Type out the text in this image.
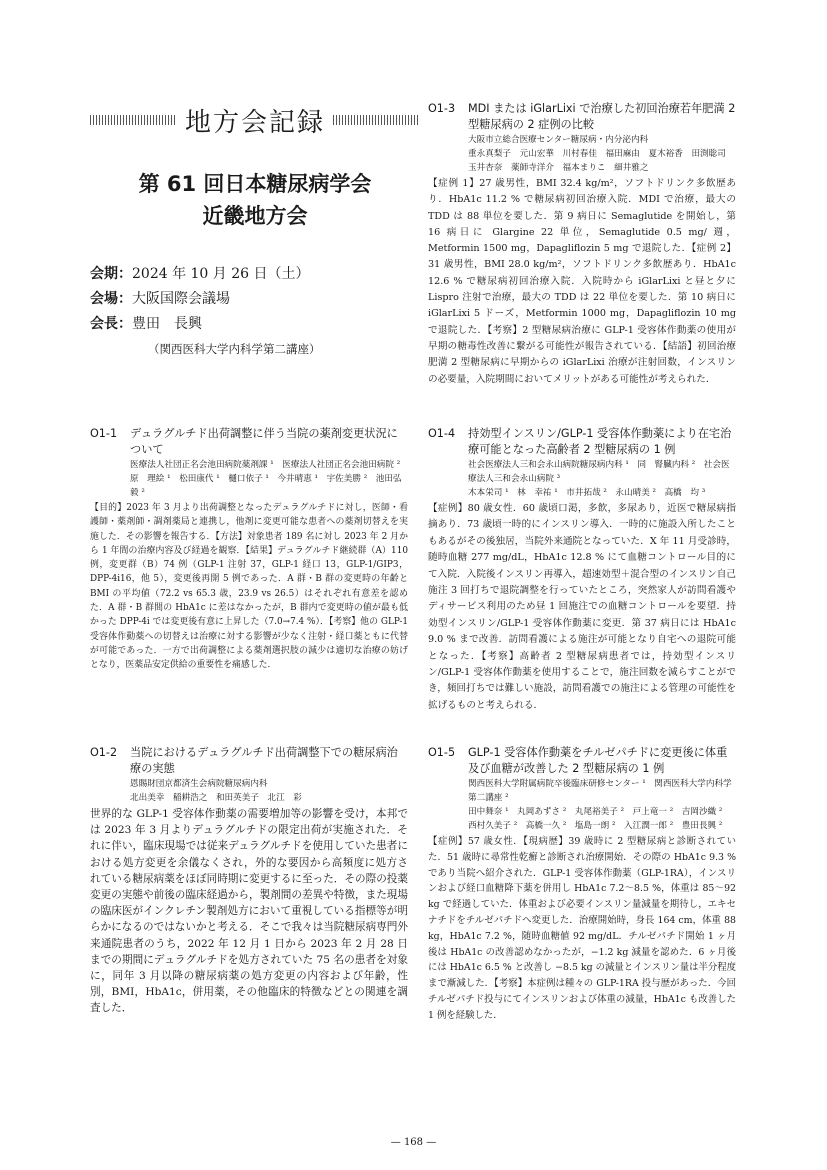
地方会記録
第 61 回日本糖尿病学会
近畿地方会
会期：2024 年 10 月 26 日（土）
会場：大阪国際会議場
会長：豊田　長興
（関西医科大学内科学第二講座）
O1-3	MDI または iGlarLixi で治療した初回治療若年肥満 2 型糖尿病の 2 症例の比較
大阪市立総合医療センター糖尿病・内分泌内科
重永真梨子　元山宏華　川村春佳　福田麻由　夏木裕香　田渕聡司　玉井杏奈　薬師寺洋介　福本まりこ　細井雅之
【症例 1】27 歳男性，BMI 32.4 kg/m²，ソフトドリンク多飲歴あり．HbA1c 11.2 % で糖尿病初回治療入院．MDI で治療，最大の TDD は 88 単位を要した．第 9 病日に Semaglutide を開始し，第 16 病日に Glargine 22 単位，Semaglutide 0.5 mg/ 週，Metformin 1500 mg，Dapagliflozin 5 mg で退院した．【症例 2】31 歳男性，BMI 28.0 kg/m²，ソフトドリンク多飲歴あり．HbA1c 12.6 % で糖尿病初回治療入院．入院時から iGlarLixi と昼と夕に Lispro 注射で治療，最大の TDD は 22 単位を要した．第 10 病日に iGlarLixi 5 ドーズ，Metformin 1000 mg，Dapagliflozin 10 mg で退院した．【考察】2 型糖尿病治療に GLP-1 受容体作動薬の使用が早期の糖毒性改善に繋がる可能性が報告されている．【結語】初回治療肥満 2 型糖尿病に早期からの iGlarLixi 治療が注射回数，インスリンの必要量，入院期間においてメリットがある可能性が考えられた．
O1-1	デュラグルチド出荷調整に伴う当院の薬剤変更状況について
医療法人社団正名会池田病院薬剤課 ¹　医療法人社団正名会池田病院 ²
原　理絵 ¹　松田康代 ¹　樋口依子 ¹　今井晴恵 ¹　宇佐美勝 ²　池田弘毅 ²
【目的】2023 年 3 月より出荷調整となったデュラグルチドに対し，医師・看護師・薬剤師・調剤薬局と連携し，他剤に変更可能な患者への薬剤切替えを実施した．その影響を報告する．【方法】対象患者 189 名に対し 2023 年 2 月から 1 年間の治療内容及び経過を観察．【結果】デュラグルチド継続群（A）110 例，変更群（B）74 例（GLP-1 注射 37，GLP-1 経口 13，GLP-1/GIP3，DPP-4i16，他 5），変更後再開 5 例であった．A 群・B 群の変更時の年齢と BMI の平均値（72.2 vs 65.3 歳，23.9 vs 26.5）はそれぞれ有意差を認めた．A 群・B 群間の HbA1c に差はなかったが，B 群内で変更時の値が最も低かった DPP-4i では変更後有意に上昇した（7.0→7.4 %）．【考察】他の GLP-1 受容体作動薬への切替えは治療に対する影響が少なく注射・経口薬ともに代替が可能であった．一方で出荷調整による薬剤選択肢の減少は適切な治療の妨げとなり，医薬品安定供給の重要性を痛感した．
O1-4	持効型インスリン/GLP-1 受容体作動薬により在宅治療可能となった高齢者 2 型糖尿病の 1 例
社会医療法人三和会永山病院糖尿病内科 ¹　同　腎臓内科 ²　社会医療法人三和会永山病院 ³
木本栄司 ¹　林　幸祐 ¹　市井拓哉 ²　永山晴美 ²　高橋　均 ³
【症例】80 歳女性．60 歳頃口渇，多飲，多尿あり，近医で糖尿病指摘あり．73 歳頃一時的にインスリン導入．一時的に施設入所したこともあるがその後独居，当院外来通院となっていた．X 年 11 月受診時，随時血糖 277 mg/dL，HbA1c 12.8 % にて血糖コントロール目的にて入院．入院後インスリン再導入，超速効型＋混合型のインスリン自己施注 3 回打ちで退院調整を行っていたところ，突然家人が訪問看護やディサービス利用のため昼 1 回施注での血糖コントロールを要望．持効型インスリン/GLP-1 受容体作動薬に変更．第 37 病日には HbA1c 9.0 % まで改善．訪問看護による施注が可能となり自宅への退院可能となった．【考察】高齢者 2 型糖尿病患者では，持効型インスリン/GLP-1 受容体作動薬を使用することで，施注回数を減らすことができ，頻回打ちでは難しい施設，訪問看護での施注による管理の可能性を拡げるものと考えられる．
O1-2	当院におけるデュラグルチド出荷調整下での糖尿病治療の実態
恩賜財団京都済生会病院糖尿病内科
北出美幸　稲耕浩之　和田英美子　北江　彩
世界的な GLP-1 受容体作動薬の需要増加等の影響を受け，本邦では 2023 年 3 月よりデュラグルチドの限定出荷が実施された．それに伴い，臨床現場では従来デュラグルチドを使用していた患者における処方変更を余儀なくされ，外的な要因から高頻度に処方されている糖尿病薬をほぼ同時期に変更するに至った．その際の投薬変更の実態や前後の臨床経過から，製剤間の差異や特徴，また現場の臨床医がインクレチン製剤処方において重視している指標等が明らかになるのではないかと考える．そこで我々は当院糖尿病専門外来通院患者のうち，2022 年 12 月 1 日から 2023 年 2 月 28 日までの期間にデュラグルチドを処方されていた 75 名の患者を対象に，同年 3 月以降の糖尿病薬の処方変更の内容および年齢，性別，BMI，HbA1c，併用薬，その他臨床的特徴などとの関連を調査した．
O1-5	GLP-1 受容体作動薬をチルゼパチドに変更後に体重及び血糖が改善した 2 型糖尿病の 1 例
関西医科大学附属病院卒後臨床研修センター ¹　関西医科大学内科学第二講座 ²
田中舞奈 ¹　丸岡あずさ ²　丸尾裕美子 ²　戸上竜一 ²　吉岡沙織 ²　西村久美子 ²　高橋一久 ²　塩島一朗 ²　入江潤一郎 ²　豊田長興 ²
【症例】57 歳女性．【現病歴】39 歳時に 2 型糖尿病と診断されていた．51 歳時に尋常性乾癬と診断され治療開始．その際の HbA1c 9.3 % であり当院へ紹介された．GLP-1 受容体作動薬（GLP-1RA），インスリンおよび経口血糖降下薬を併用し HbA1c 7.2～8.5 %，体重は 85～92 kg で経過していた．体重および必要インスリン量減量を期待し，エキセナチドをチルゼパチドへ変更した．治療開始時，身長 164 cm，体重 88 kg，HbA1c 7.2 %，随時血糖値 92 mg/dL．チルゼパチド開始 1 ヶ月後は HbA1c の改善認めなかったが，−1.2 kg 減量を認めた．6 ヶ月後には HbA1c 6.5 % と改善し −8.5 kg の減量とインスリン量は半分程度まで漸減した．【考察】本症例は種々の GLP-1RA 投与歴があった．今回チルゼパチド投与にてインスリンおよび体重の減量，HbA1c も改善した 1 例を経験した．
— 168 —
